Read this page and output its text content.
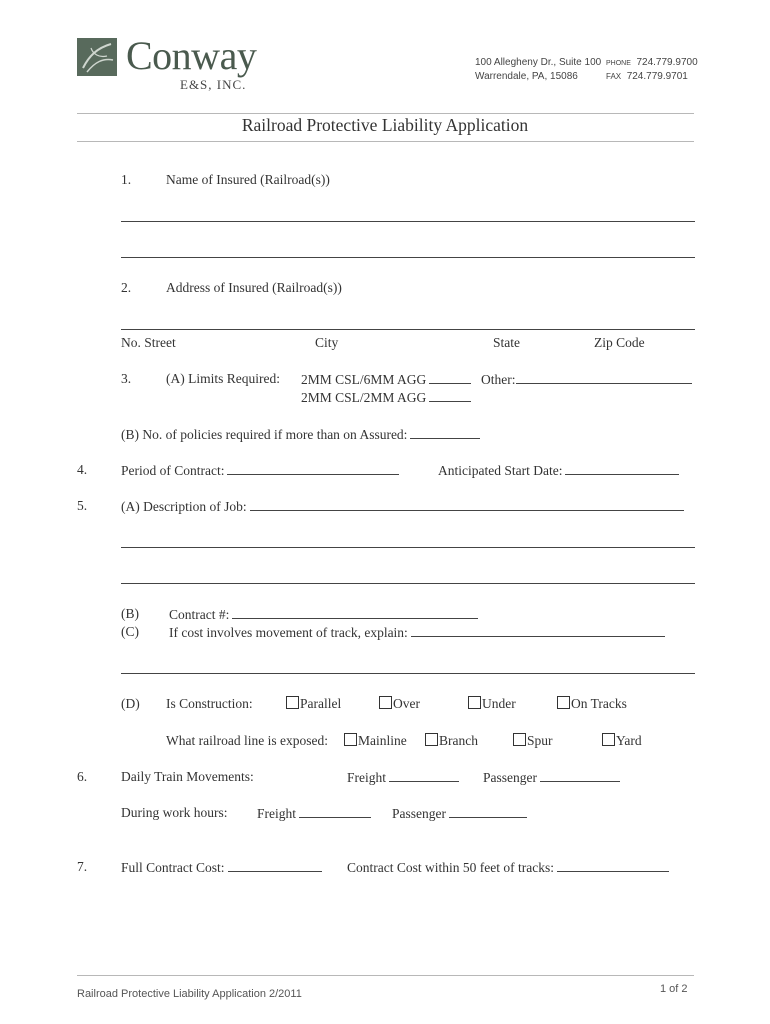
Conway
E&S, INC.
100 Allegheny Dr., Suite 100
Warrendale, PA, 15086
PHONE 724.779.9700
FAX 724.779.9701
Railroad Protective Liability Application
1.	Name of Insured (Railroad(s))
2.	Address of Insured (Railroad(s))
No. Street	City	State	Zip Code
3.	(A) Limits Required: 2MM CSL/6MM AGG	Other:
2MM CSL/2MM AGG
(B) No. of policies required if more than on Assured:
4.	Period of Contract:	Anticipated Start Date:
5.	(A) Description of Job:
(B) Contract #:
(C) If cost involves movement of track, explain:
(D) Is Construction:	Parallel	Over	Under	On Tracks
What railroad line is exposed:	Mainline	Branch	Spur	Yard
6.	Daily Train Movements:	Freight	Passenger
During work hours: Freight	Passenger
7.	Full Contract Cost:	Contract Cost within 50 feet of tracks:
Railroad Protective Liability Application 2/2011	1 of 2
